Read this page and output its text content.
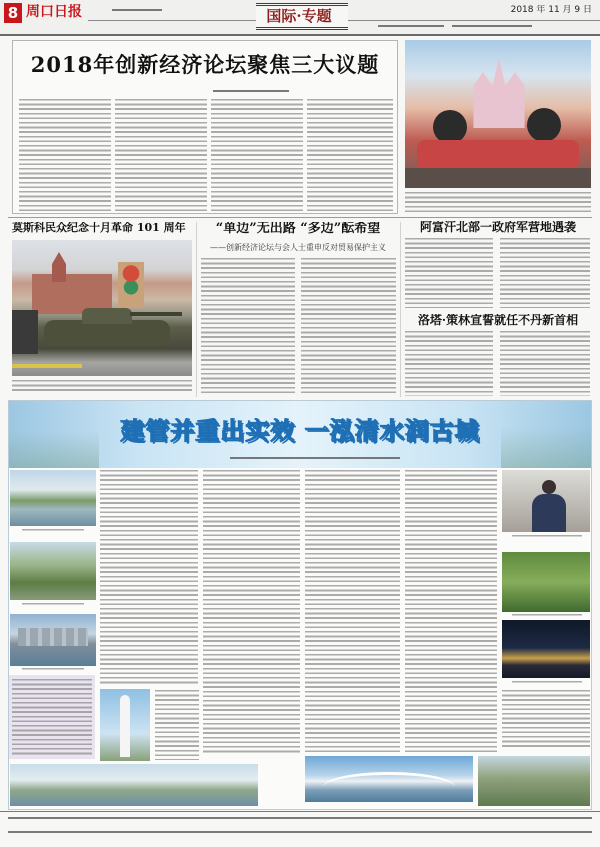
8 周口日报	国际·专题	2018 年 11 月 9 日
2018年创新经济论坛聚焦三大议题
莫斯科民众纪念十月革命 101 周年	“单边”无出路 “多边”酝希望
——创新经济论坛与会人士重申反对贸易保护主义
阿富汗北部一政府军营地遇袭
洛塔·策林宣誓就任不丹新首相
建管并重出实效 一泓清水润古城
